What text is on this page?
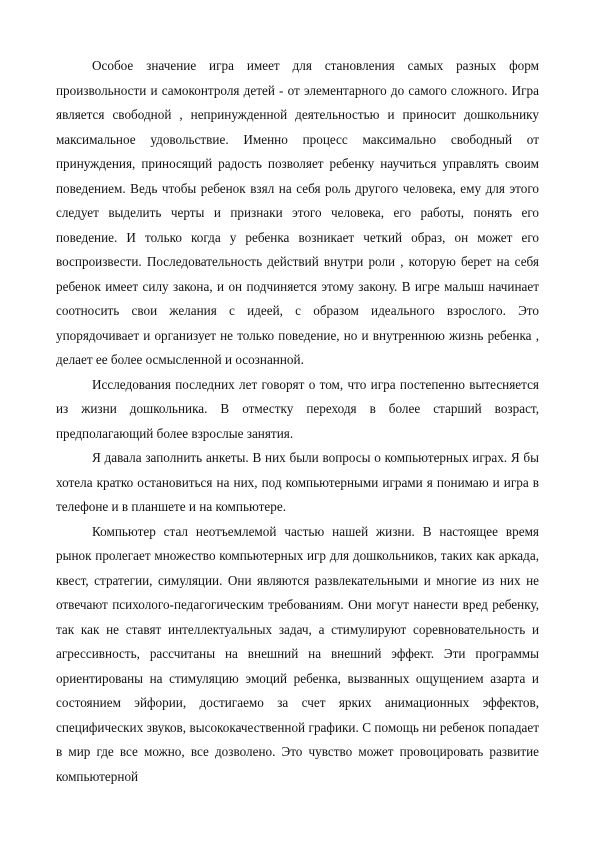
Особое значение игра имеет для становления самых разных форм произвольности и самоконтроля детей - от элементарного до самого сложного. Игра является свободной , непринужденной деятельностью и приносит дошкольнику максимальное удовольствие. Именно процесс максимально свободный от принуждения, приносящий радость позволяет ребенку научиться управлять своим поведением. Ведь чтобы ребенок взял на себя роль другого человека, ему для этого следует выделить черты и признаки этого человека, его работы, понять его поведение. И только когда у ребенка возникает четкий образ, он может его воспроизвести. Последовательность действий внутри роли , которую берет на себя ребенок имеет силу закона, и он подчиняется этому закону. В игре малыш начинает соотносить свои желания с идеей, с образом идеального взрослого. Это упорядочивает и организует не только поведение, но и внутреннюю жизнь ребенка , делает ее более осмысленной и осознанной.

Исследования последних лет говорят о том, что игра постепенно вытесняется из жизни дошкольника. В отместку переходя в более старший возраст, предполагающий более взрослые занятия.

Я давала заполнить анкеты. В них были вопросы о компьютерных играх. Я бы хотела кратко остановиться на них, под компьютерными играми я понимаю и игра в телефоне и в планшете и на компьютере.

Компьютер стал неотъемлемой частью нашей жизни. В настоящее время рынок пролегает множество компьютерных игр для дошкольников, таких как аркада, квест, стратегии, симуляции. Они являются развлекательными и многие из них не отвечают психолого-педагогическим требованиям. Они могут нанести вред ребенку, так как не ставят интеллектуальных задач, а стимулируют соревновательность и агрессивность, рассчитаны на внешний на внешний эффект. Эти программы ориентированы на стимуляцию эмоций ребенка, вызванных ощущением азарта и состоянием эйфории, достигаемо за счет ярких анимационных эффектов, специфических звуков, высококачественной графики. С помощь ни ребенок попадает в мир где все можно, все дозволено. Это чувство может провоцировать развитие компьютерной
